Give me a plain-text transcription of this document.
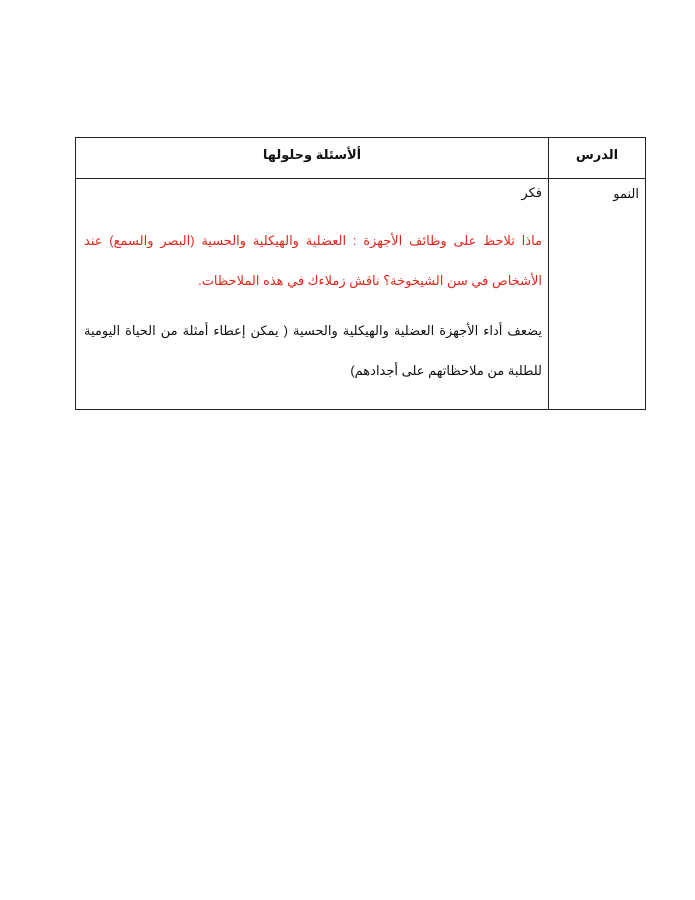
الدرس	ألأسئلة وحلولها

النمو	فكر

ماذا تلاحظ على وظائف الأجهزة : العضلية والهيكلية والحسية (البصر والسمع) عند الأشخاص في سن الشيخوخة؟ ناقش زملاءك في هذه الملاحظات.

يضعف أداء الأجهزة العضلية والهيكلية والحسية ( يمكن إعطاء أمثلة من الحياة اليومية للطلبة من ملاحظاتهم على أجدادهم)
